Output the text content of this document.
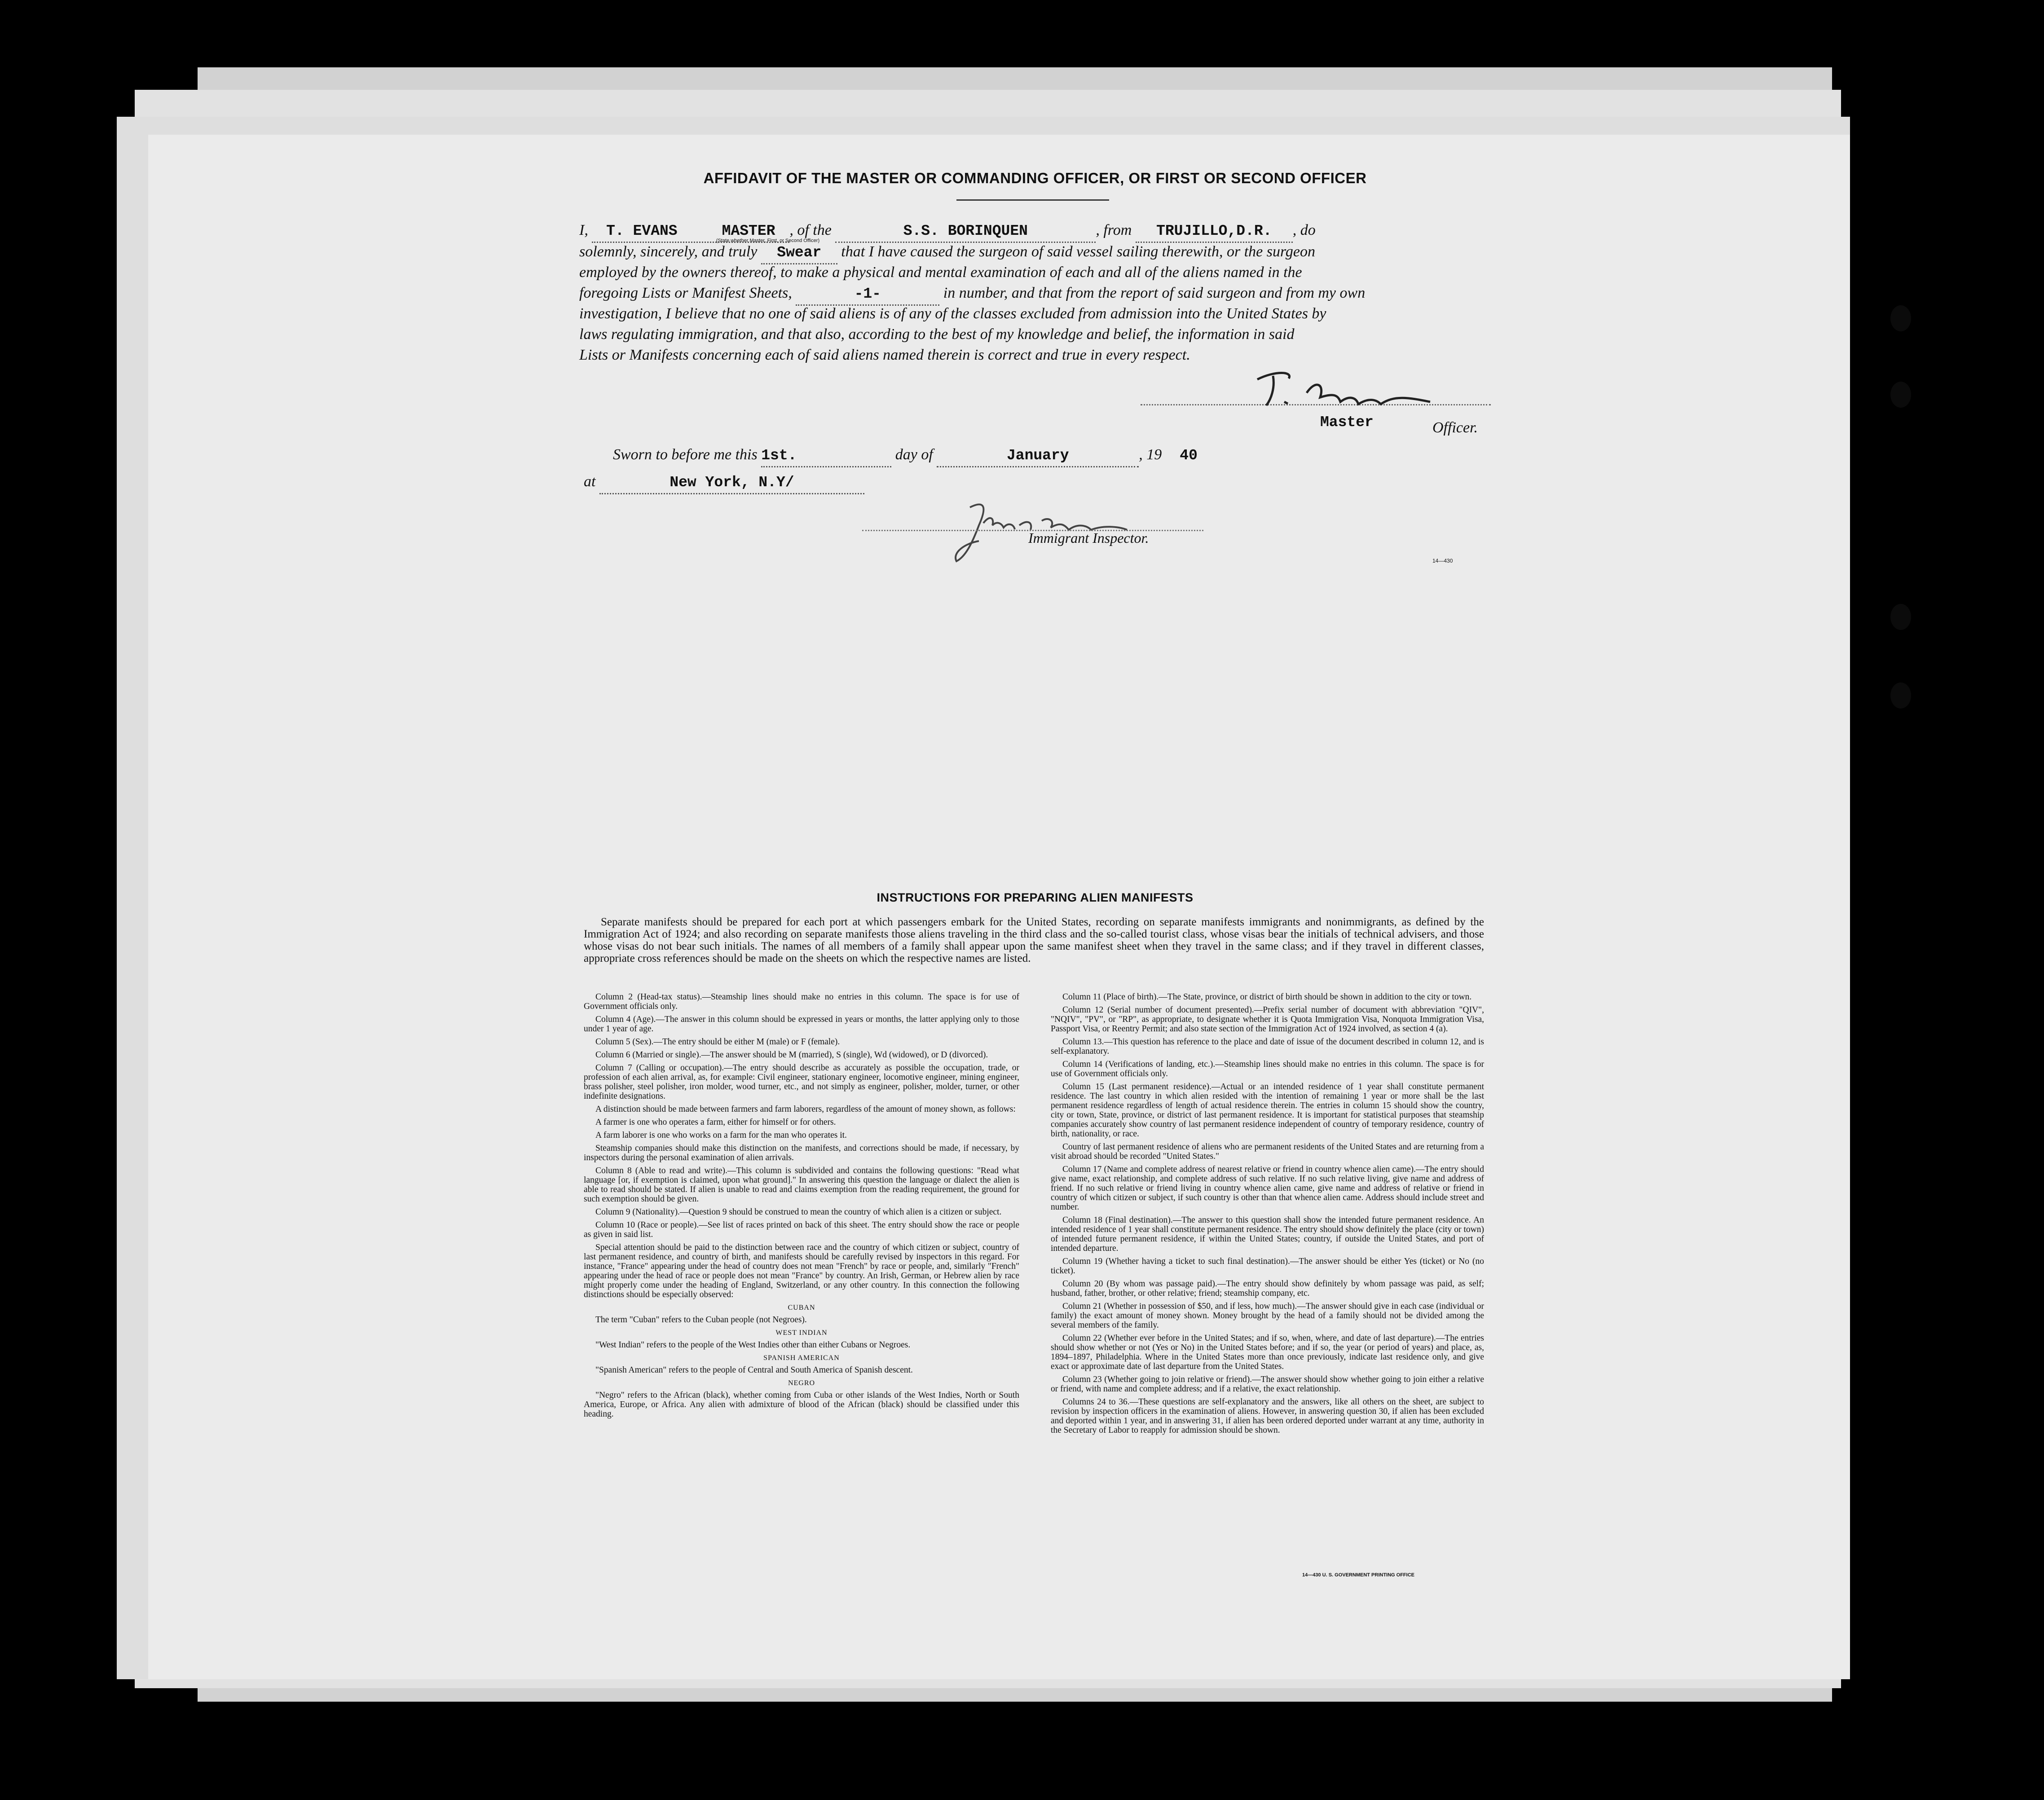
AFFIDAVIT OF THE MASTER OR COMMANDING OFFICER, OR FIRST OR SECOND OFFICER
I, T. EVANS	MASTER , of the	S.S. BORINQUEN	, from TRUJILLO,D.R. , do
(State whether Master, First, or Second Officer)
solemnly, sincerely, and truly Swear that I have caused the surgeon of said vessel sailing therewith, or the surgeon
employed by the owners thereof, to make a physical and mental examination of each and all of the aliens named in the
foregoing Lists or Manifest Sheets,	-1-	in number, and that from the report of said surgeon and from my own
investigation, I believe that no one of said aliens is of any of the classes excluded from admission into the United States by
laws regulating immigration, and that also, according to the best of my knowledge and belief, the information in said
Lists or Manifests concerning each of said aliens named therein is correct and true in every respect.
Master	Officer.
Sworn to before me this 1st.	day of	January	, 19 40
at	New York, N.Y/
Immigrant Inspector.
14—430
INSTRUCTIONS FOR PREPARING ALIEN MANIFESTS
Separate manifests should be prepared for each port at which passengers embark for the United States, recording on separate manifests immigrants and nonimmigrants, as defined by the Immigration Act of 1924; and also recording on separate manifests those aliens traveling in the third class and the so-called tourist class, whose visas bear the initials of technical advisers, and those whose visas do not bear such initials. The names of all members of a family shall appear upon the same manifest sheet when they travel in the same class; and if they travel in different classes, appropriate cross references should be made on the sheets on which the respective names are listed.

Column 2 (Head-tax status).—Steamship lines should make no entries in this column. The space is for use of Government officials only.

Column 4 (Age).—The answer in this column should be expressed in years or months, the latter applying only to those under 1 year of age.

Column 5 (Sex).—The entry should be either M (male) or F (female).

Column 6 (Married or single).—The answer should be M (married), S (single), Wd (widowed), or D (divorced).

Column 7 (Calling or occupation).—The entry should describe as accurately as possible the occupation, trade, or profession of each alien arrival, as, for example: Civil engineer, stationary engineer, locomotive engineer, mining engineer, brass polisher, steel polisher, iron molder, wood turner, etc., and not simply as engineer, polisher, molder, turner, or other indefinite designations.

A distinction should be made between farmers and farm laborers, regardless of the amount of money shown, as follows:

A farmer is one who operates a farm, either for himself or for others.

A farm laborer is one who works on a farm for the man who operates it.

Steamship companies should make this distinction on the manifests, and corrections should be made, if necessary, by inspectors during the personal examination of alien arrivals.

Column 8 (Able to read and write).—This column is subdivided and contains the following questions: "Read what language [or, if exemption is claimed, upon what ground]." In answering this question the language or dialect the alien is able to read should be stated. If alien is unable to read and claims exemption from the reading requirement, the ground for such exemption should be given.

Column 9 (Nationality).—Question 9 should be construed to mean the country of which alien is a citizen or subject.

Column 10 (Race or people).—See list of races printed on back of this sheet. The entry should show the race or people as given in said list.

Special attention should be paid to the distinction between race and the country of which citizen or subject, country of last permanent residence, and country of birth, and manifests should be carefully revised by inspectors in this regard. For instance, "France" appearing under the head of country does not mean "French" by race or people, and, similarly "French" appearing under the head of race or people does not mean "France" by country. An Irish, German, or Hebrew alien by race might properly come under the heading of England, Switzerland, or any other country. In this connection the following distinctions should be especially observed:

CUBAN

The term "Cuban" refers to the Cuban people (not Negroes).

WEST INDIAN

"West Indian" refers to the people of the West Indies other than either Cubans or Negroes.

SPANISH AMERICAN

"Spanish American" refers to the people of Central and South America of Spanish descent.

NEGRO

"Negro" refers to the African (black), whether coming from Cuba or other islands of the West Indies, North or South America, Europe, or Africa. Any alien with admixture of blood of the African (black) should be classified under this heading.

Column 11 (Place of birth).—The State, province, or district of birth should be shown in addition to the city or town.

Column 12 (Serial number of document presented).—Prefix serial number of document with abbreviation "QIV", "NQIV", "PV", or "RP", as appropriate, to designate whether it is Quota Immigration Visa, Nonquota Immigration Visa, Passport Visa, or Reentry Permit; and also state section of the Immigration Act of 1924 involved, as section 4 (a).

Column 13.—This question has reference to the place and date of issue of the document described in column 12, and is self-explanatory.

Column 14 (Verifications of landing, etc.).—Steamship lines should make no entries in this column. The space is for use of Government officials only.

Column 15 (Last permanent residence).—Actual or an intended residence of 1 year shall constitute permanent residence. The last country in which alien resided with the intention of remaining 1 year or more shall be the last permanent residence regardless of length of actual residence therein. The entries in column 15 should show the country, city or town, State, province, or district of last permanent residence. It is important for statistical purposes that steamship companies accurately show country of last permanent residence independent of country of temporary residence, country of birth, nationality, or race.

Country of last permanent residence of aliens who are permanent residents of the United States and are returning from a visit abroad should be recorded "United States."

Column 17 (Name and complete address of nearest relative or friend in country whence alien came).—The entry should give name, exact relationship, and complete address of such relative. If no such relative living, give name and address of friend. If no such relative or friend living in country whence alien came, give name and address of relative or friend in country of which citizen or subject, if such country is other than that whence alien came. Address should include street and number.

Column 18 (Final destination).—The answer to this question shall show the intended future permanent residence. An intended residence of 1 year shall constitute permanent residence. The entry should show definitely the place (city or town) of intended future permanent residence, if within the United States; country, if outside the United States, and port of intended departure.

Column 19 (Whether having a ticket to such final destination).—The answer should be either Yes (ticket) or No (no ticket).

Column 20 (By whom was passage paid).—The entry should show definitely by whom passage was paid, as self; husband, father, brother, or other relative; friend; steamship company, etc.

Column 21 (Whether in possession of $50, and if less, how much).—The answer should give in each case (individual or family) the exact amount of money shown. Money brought by the head of a family should not be divided among the several members of the family.

Column 22 (Whether ever before in the United States; and if so, when, where, and date of last departure).—The entries should show whether or not (Yes or No) in the United States before; and if so, the year (or period of years) and place, as, 1894–1897, Philadelphia. Where in the United States more than once previously, indicate last residence only, and give exact or approximate date of last departure from the United States.

Column 23 (Whether going to join relative or friend).—The answer should show whether going to join either a relative or friend, with name and complete address; and if a relative, the exact relationship.

Columns 24 to 36.—These questions are self-explanatory and the answers, like all others on the sheet, are subject to revision by inspection officers in the examination of aliens. However, in answering question 30, if alien has been excluded and deported within 1 year, and in answering 31, if alien has been ordered deported under warrant at any time, authority in the Secretary of Labor to reapply for admission should be shown.

14—430 U. S. GOVERNMENT PRINTING OFFICE
